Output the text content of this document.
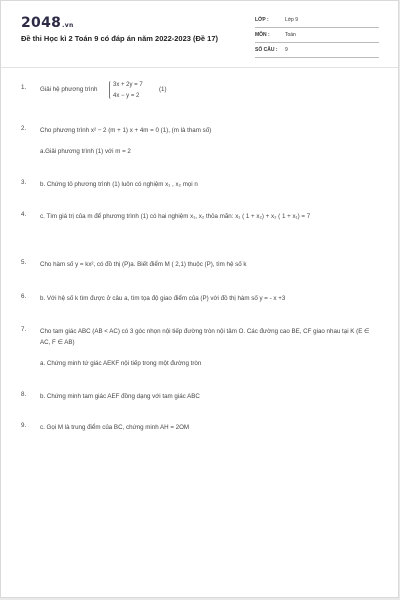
2048.vn
Đề thi Học kì 2 Toán 9 có đáp án năm 2022-2023 (Đề 17)
LỚP :	Lớp 9
MÔN :	Toán
SỐ CÂU : 9
1. Giải hệ phương trình
3x + 2y = 7
4x − y = 2
(1)
2. Cho phương trình x² − 2 (m + 1) x + 4m = 0 (1), (m là tham số)
a.Giải phương trình (1) với m = 2
3. b. Chứng tỏ phương trình (1) luôn có nghiệm x₁ , x₂ mọi n
4. c. Tìm giá trị của m để phương trình (1) có hai nghiệm x₁, x₂ thỏa mãn: x₁ ( 1 + x₂) + x₂ ( 1 + x₁) = 7
5. Cho hàm số y = kx², có đồ thị (P)a. Biết điểm M ( 2,1) thuộc (P), tìm hệ số k
6. b. Với hệ số k tìm được ở câu a, tìm tọa độ giao điểm của (P) với đồ thị hàm số y = - x +3
7. Cho tam giác ABC (AB < AC) có 3 góc nhọn nội tiếp đường tròn nội tâm O. Các đường cao BE, CF giao nhau tại K (E ∈ AC, F ∈ AB)
a. Chứng minh tứ giác AEKF nội tiếp trong một đường tròn
8. b. Chứng minh tam giác AEF đồng dạng với tam giác ABC
9. c. Gọi M là trung điểm của BC, chứng minh AH = 2OM
